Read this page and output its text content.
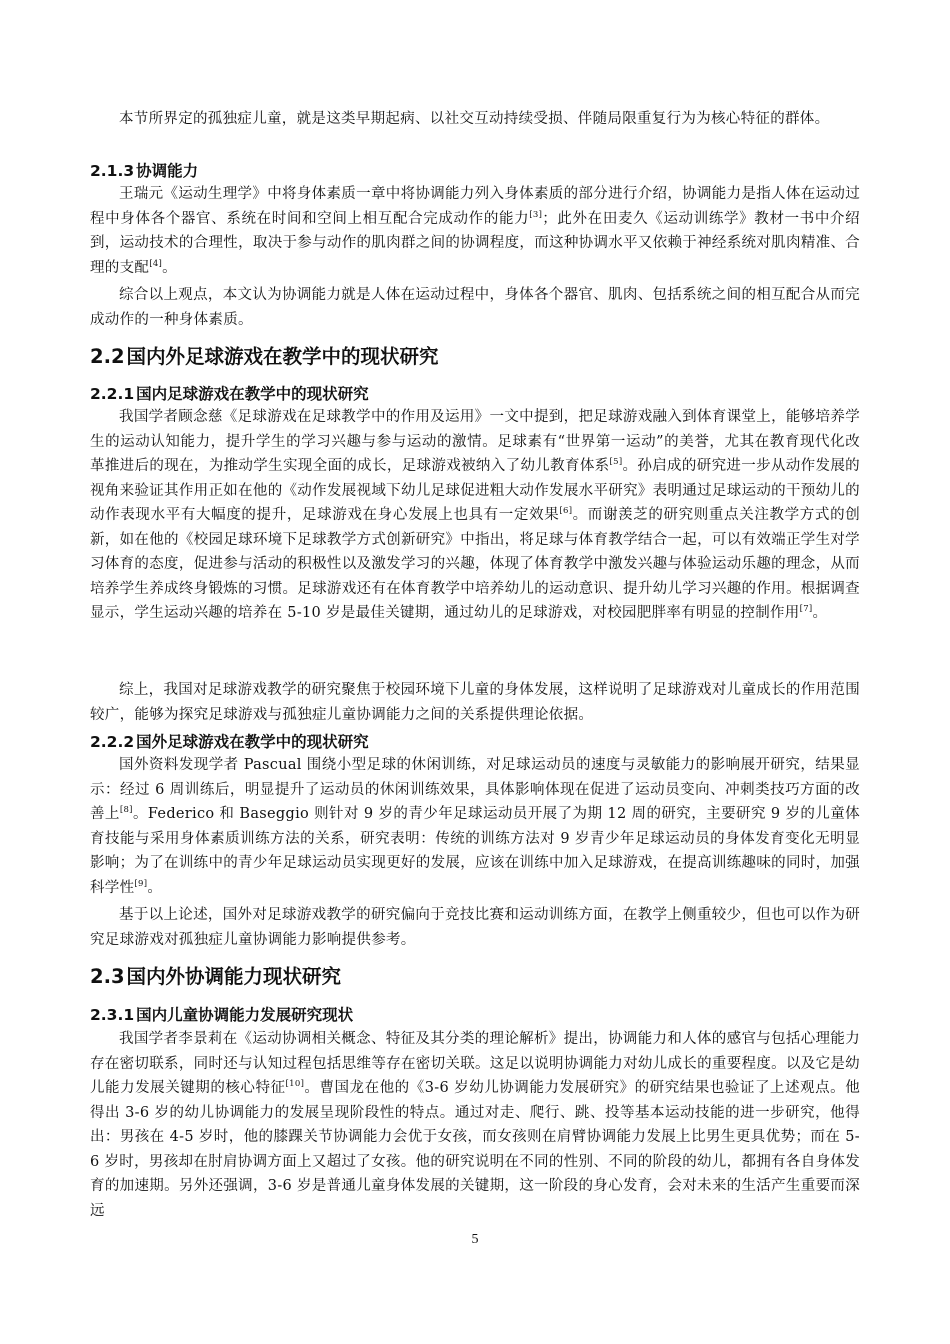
本节所界定的孤独症儿童，就是这类早期起病、以社交互动持续受损、伴随局限重复行为为核心特征的群体。

2.1.3 协调能力

王瑞元《运动生理学》中将身体素质一章中将协调能力列入身体素质的部分进行介绍，协调能力是指人体在运动过程中身体各个器官、系统在时间和空间上相互配合完成动作的能力[3]；此外在田麦久《运动训练学》教材一书中介绍到，运动技术的合理性，取决于参与动作的肌肉群之间的协调程度，而这种协调水平又依赖于神经系统对肌肉精准、合理的支配[4]。

综合以上观点，本文认为协调能力就是人体在运动过程中，身体各个器官、肌肉、包括系统之间的相互配合从而完成动作的一种身体素质。

2.2 国内外足球游戏在教学中的现状研究
2.2.1 国内足球游戏在教学中的现状研究

我国学者顾念慈《足球游戏在足球教学中的作用及运用》一文中提到，把足球游戏融入到体育课堂上，能够培养学生的运动认知能力，提升学生的学习兴趣与参与运动的激情。足球素有“世界第一运动”的美誉，尤其在教育现代化改革推进后的现在，为推动学生实现全面的成长，足球游戏被纳入了幼儿教育体系[5]。孙启成的研究进一步从动作发展的视角来验证其作用正如在他的《动作发展视域下幼儿足球促进粗大动作发展水平研究》表明通过足球运动的干预幼儿的动作表现水平有大幅度的提升，足球游戏在身心发展上也具有一定效果[6]。而谢羡芝的研究则重点关注教学方式的创新，如在他的《校园足球环境下足球教学方式创新研究》中指出，将足球与体育教学结合一起，可以有效端正学生对学习体育的态度，促进参与活动的积极性以及激发学习的兴趣，体现了体育教学中激发兴趣与体验运动乐趣的理念，从而培养学生养成终身锻炼的习惯。足球游戏还有在体育教学中培养幼儿的运动意识、提升幼儿学习兴趣的作用。根据调查显示，学生运动兴趣的培养在 5-10 岁是最佳关键期，通过幼儿的足球游戏，对校园肥胖率有明显的控制作用[7]。

综上，我国对足球游戏教学的研究聚焦于校园环境下儿童的身体发展，这样说明了足球游戏对儿童成长的作用范围较广，能够为探究足球游戏与孤独症儿童协调能力之间的关系提供理论依据。

2.2.2 国外足球游戏在教学中的现状研究

国外资料发现学者 Pascual 围绕小型足球的休闲训练，对足球运动员的速度与灵敏能力的影响展开研究，结果显示：经过 6 周训练后，明显提升了运动员的休闲训练效果，具体影响体现在促进了运动员变向、冲刺类技巧方面的改善上[8]。Federico 和 Baseggio 则针对 9 岁的青少年足球运动员开展了为期 12 周的研究，主要研究 9 岁的儿童体育技能与采用身体素质训练方法的关系，研究表明：传统的训练方法对 9 岁青少年足球运动员的身体发育变化无明显影响；为了在训练中的青少年足球运动员实现更好的发展，应该在训练中加入足球游戏，在提高训练趣味的同时，加强科学性[9]。

基于以上论述，国外对足球游戏教学的研究偏向于竞技比赛和运动训练方面，在教学上侧重较少，但也可以作为研究足球游戏对孤独症儿童协调能力影响提供参考。

2.3 国内外协调能力现状研究
2.3.1 国内儿童协调能力发展研究现状

我国学者李景莉在《运动协调相关概念、特征及其分类的理论解析》提出，协调能力和人体的感官与包括心理能力存在密切联系，同时还与认知过程包括思维等存在密切关联。这足以说明协调能力对幼儿成长的重要程度。以及它是幼儿能力发展关键期的核心特征[10]。曹国龙在他的《3-6 岁幼儿协调能力发展研究》的研究结果也验证了上述观点。他得出 3-6 岁的幼儿协调能力的发展呈现阶段性的特点。通过对走、爬行、跳、投等基本运动技能的进一步研究，他得出：男孩在 4-5 岁时，他的膝踝关节协调能力会优于女孩，而女孩则在肩臂协调能力发展上比男生更具优势；而在 5-6 岁时，男孩却在肘肩协调方面上又超过了女孩。他的研究说明在不同的性别、不同的阶段的幼儿，都拥有各自身体发育的加速期。另外还强调，3-6 岁是普通儿童身体发展的关键期，这一阶段的身心发育，会对未来的生活产生重要而深远

5
